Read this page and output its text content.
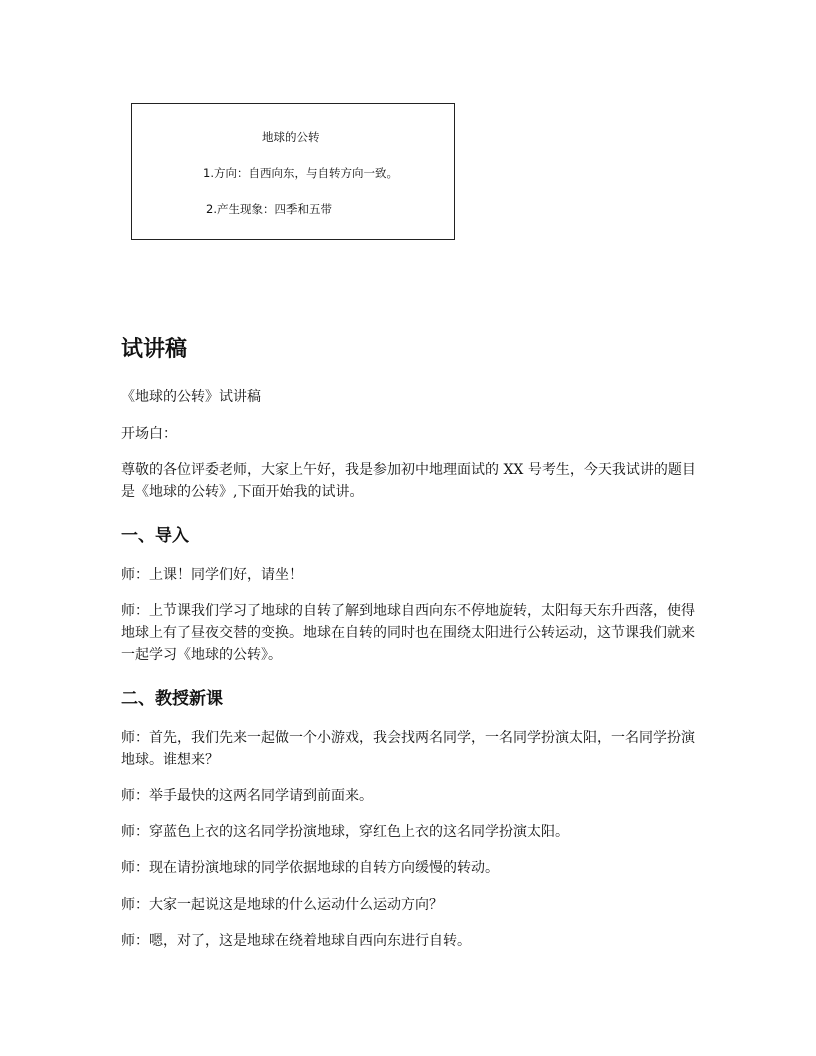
地球的公转
1.方向：自西向东，与自转方向一致。
2.产生现象：四季和五带
试讲稿

《地球的公转》试讲稿

开场白：

尊敬的各位评委老师，大家上午好，我是参加初中地理面试的 XX 号考生，今天我试讲的题目是《地球的公转》,下面开始我的试讲。

一、导入

师：上课！同学们好，请坐！

师：上节课我们学习了地球的自转了解到地球自西向东不停地旋转，太阳每天东升西落，使得地球上有了昼夜交替的变换。地球在自转的同时也在围绕太阳进行公转运动，这节课我们就来一起学习《地球的公转》。

二、教授新课

师：首先，我们先来一起做一个小游戏，我会找两名同学，一名同学扮演太阳，一名同学扮演地球。谁想来？

师：举手最快的这两名同学请到前面来。

师：穿蓝色上衣的这名同学扮演地球，穿红色上衣的这名同学扮演太阳。

师：现在请扮演地球的同学依据地球的自转方向缓慢的转动。

师：大家一起说这是地球的什么运动什么运动方向？

师：嗯，对了，这是地球在绕着地球自西向东进行自转。
